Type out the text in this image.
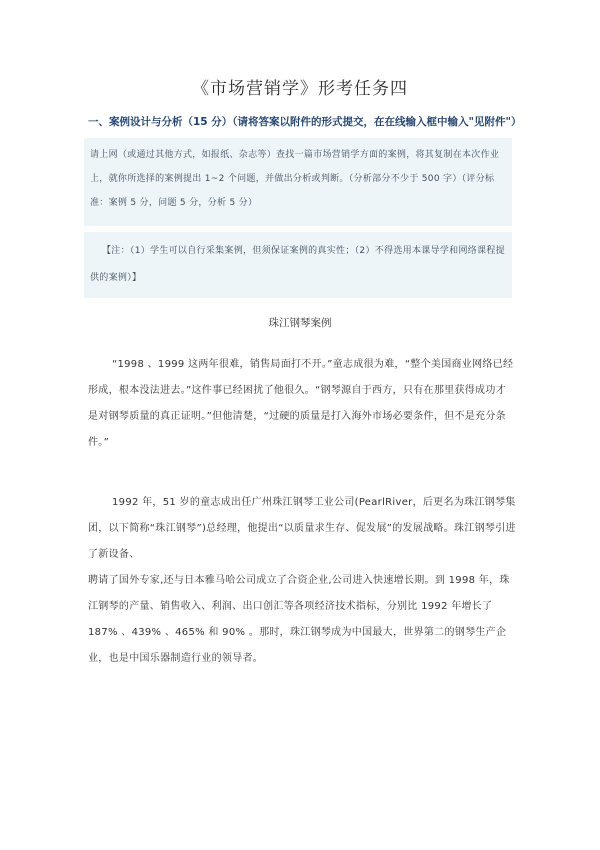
《市场营销学》形考任务四
一、案例设计与分析（15 分）（请将答案以附件的形式提交，在在线输入框中输入"见附件"）

请上网（或通过其他方式，如报纸、杂志等）查找一篇市场营销学方面的案例，将其复制在本次作业上，就你所选择的案例提出 1~2 个问题，并做出分析或判断。（分析部分不少于 500 字）（评分标准：案例 5 分，问题 5 分，分析 5 分）

【注：（1）学生可以自行采集案例，但须保证案例的真实性；（2）不得选用本课导学和网络课程提供的案例）】

珠江钢琴案例

“1998 、1999 这两年很难，销售局面打不开。”童志成很为难，“整个美国商业网络已经形成，根本没法进去。”这件事已经困扰了他很久。“钢琴源自于西方，只有在那里获得成功才是对钢琴质量的真正证明。”但他清楚，“过硬的质量是打入海外市场必要条件，但不是充分条件。”

1992 年，51 岁的童志成出任广州珠江钢琴工业公司(PearlRiver，后更名为珠江钢琴集团，以下简称“珠江钢琴”)总经理，他提出“以质量求生存、促发展”的发展战略。珠江钢琴引进了新设备、

聘请了国外专家,还与日本雅马哈公司成立了合资企业,公司进入快速增长期。到 1998 年，珠江钢琴的产量、销售收入、利润、出口创汇等各项经济技术指标，分别比 1992 年增长了 187% 、439% 、465% 和 90% 。那时，珠江钢琴成为中国最大，世界第二的钢琴生产企业，也是中国乐器制造行业的领导者。
